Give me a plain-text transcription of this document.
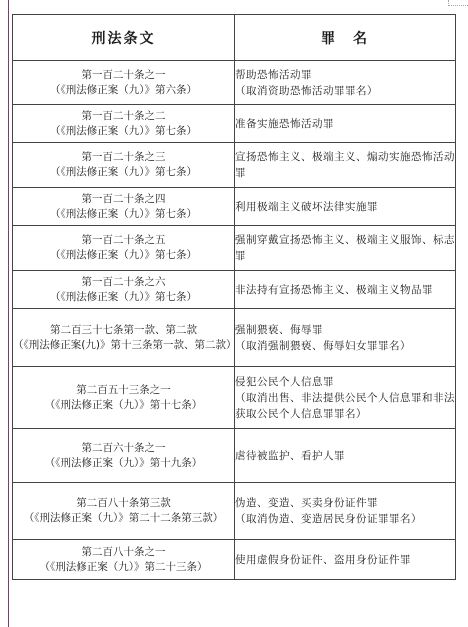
刑法条文	罪　名

第一百二十条之一
（《刑法修正案（九）》第六条）	帮助恐怖活动罪
（取消资助恐怖活动罪罪名）

第一百二十条之二
（《刑法修正案（九）》第七条）	准备实施恐怖活动罪

第一百二十条之三
（《刑法修正案（九）》第七条）	宣扬恐怖主义、极端主义、煽动实施恐怖活动罪

第一百二十条之四
（《刑法修正案（九）》第七条）	利用极端主义破坏法律实施罪

第一百二十条之五
（《刑法修正案（九）》第七条）	强制穿戴宣扬恐怖主义、极端主义服饰、标志罪

第一百二十条之六
（《刑法修正案（九）》第七条）	非法持有宣扬恐怖主义、极端主义物品罪

第二百三十七条第一款、第二款
（《刑法修正案(九)》第十三条第一款、第二款）	强制猥亵、侮辱罪
（取消强制猥亵、侮辱妇女罪罪名）

第二百五十三条之一
（《刑法修正案（九）》第十七条）	侵犯公民个人信息罪
（取消出售、非法提供公民个人信息罪和非法获取公民个人信息罪罪名）

第二百六十条之一
（《刑法修正案（九）》第十九条）	虐待被监护、看护人罪

第二百八十条第三款
（《刑法修正案（九）》第二十二条第三款）	伪造、变造、买卖身份证件罪
（取消伪造、变造居民身份证罪罪名）

第二百八十条之一
（《刑法修正案（九）》第二十三条）	使用虚假身份证件、盗用身份证件罪
